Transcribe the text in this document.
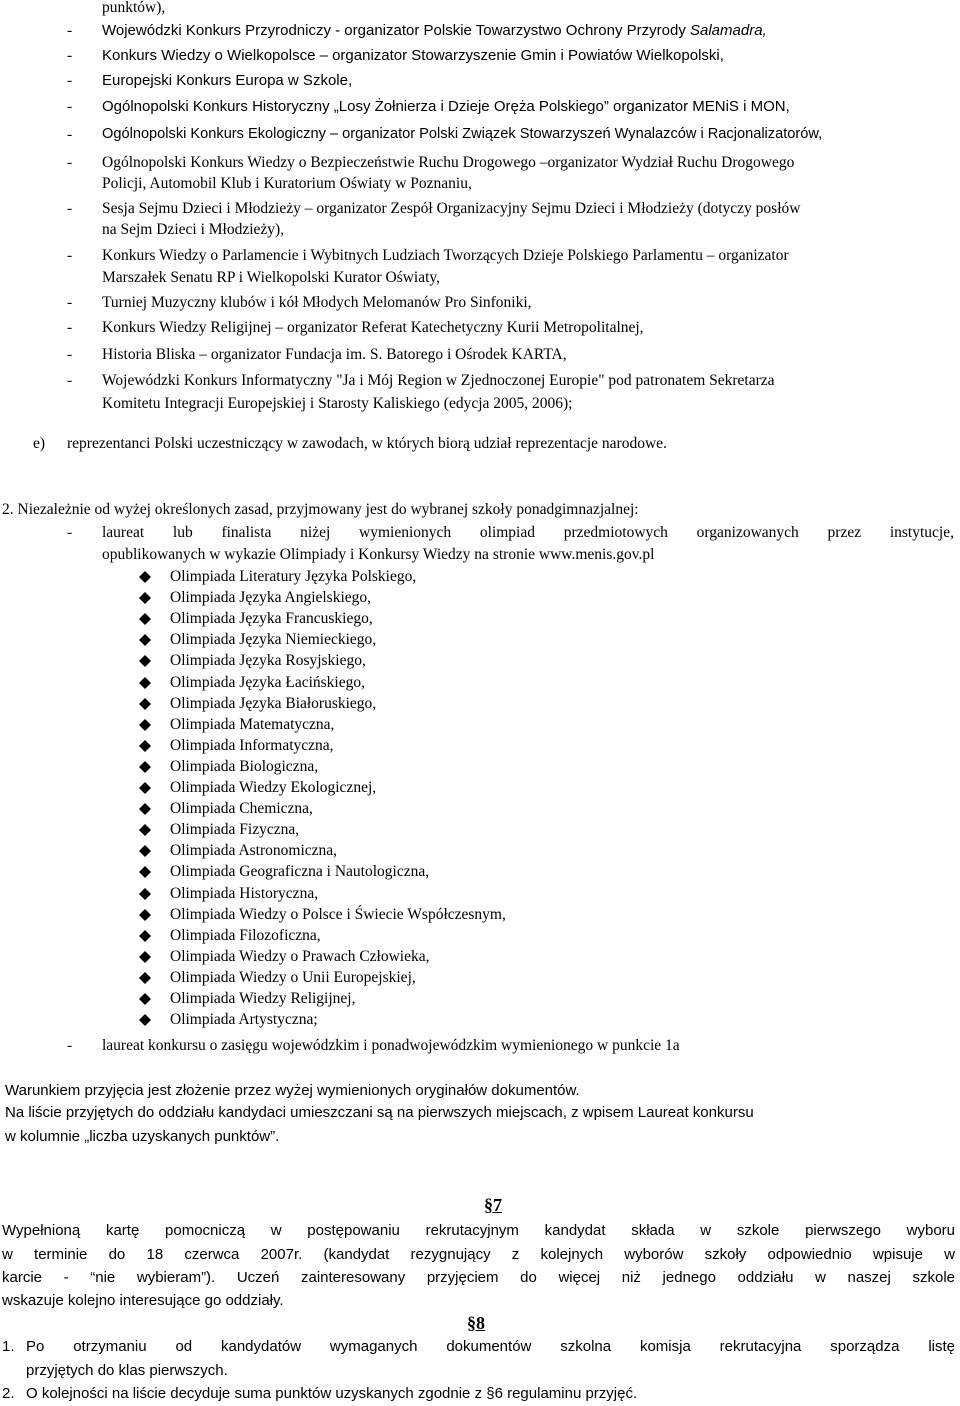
punktów),
-	Wojewódzki Konkurs Przyrodniczy - organizator Polskie Towarzystwo Ochrony Przyrody Salamadra,
-	Konkurs Wiedzy o Wielkopolsce – organizator Stowarzyszenie Gmin i Powiatów Wielkopolski,
-	Europejski Konkurs Europa w Szkole,
-	Ogólnopolski Konkurs Historyczny „Losy Żołnierza i Dzieje Oręża Polskiego” organizator MENiS i MON,
-	Ogólnopolski Konkurs Ekologiczny – organizator Polski Związek Stowarzyszeń Wynalazców i Racjonalizatorów,
-	Ogólnopolski Konkurs Wiedzy o Bezpieczeństwie Ruchu Drogowego –organizator Wydział Ruchu Drogowego
Policji, Automobil Klub i Kuratorium Oświaty w Poznaniu,
-	Sesja Sejmu Dzieci i Młodzieży – organizator Zespół Organizacyjny Sejmu Dzieci i Młodzieży (dotyczy posłów
na Sejm Dzieci i Młodzieży),
-	Konkurs Wiedzy o Parlamencie i Wybitnych Ludziach Tworzących Dzieje Polskiego Parlamentu – organizator
Marszałek Senatu RP i Wielkopolski Kurator Oświaty,
-	Turniej Muzyczny klubów i kół Młodych Melomanów Pro Sinfoniki,
-	Konkurs Wiedzy Religijnej – organizator Referat Katechetyczny Kurii Metropolitalnej,
-	Historia Bliska – organizator Fundacja im. S. Batorego i Ośrodek KARTA,
-	Wojewódzki Konkurs Informatyczny "Ja i Mój Region w Zjednoczonej Europie" pod patronatem Sekretarza
Komitetu Integracji Europejskiej i Starosty Kaliskiego (edycja 2005, 2006);
e) reprezentanci Polski uczestniczący w zawodach, w których biorą udział reprezentacje narodowe.
2. Niezależnie od wyżej określonych zasad, przyjmowany jest do wybranej szkoły ponadgimnazjalnej:
-	laureat lub finalista niżej wymienionych olimpiad przedmiotowych organizowanych przez instytucje,
opublikowanych w wykazie Olimpiady i Konkursy Wiedzy na stronie www.menis.gov.pl
Olimpiada Literatury Języka Polskiego,
Olimpiada Języka Angielskiego,
Olimpiada Języka Francuskiego,
Olimpiada Języka Niemieckiego,
Olimpiada Języka Rosyjskiego,
Olimpiada Języka Łacińskiego,
Olimpiada Języka Białoruskiego,
Olimpiada Matematyczna,
Olimpiada Informatyczna,
Olimpiada Biologiczna,
Olimpiada Wiedzy Ekologicznej,
Olimpiada Chemiczna,
Olimpiada Fizyczna,
Olimpiada Astronomiczna,
Olimpiada Geograficzna i Nautologiczna,
Olimpiada Historyczna,
Olimpiada Wiedzy o Polsce i Świecie Współczesnym,
Olimpiada Filozoficzna,
Olimpiada Wiedzy o Prawach Człowieka,
Olimpiada Wiedzy o Unii Europejskiej,
Olimpiada Wiedzy Religijnej,
Olimpiada Artystyczna;
-	laureat konkursu o zasięgu wojewódzkim i ponadwojewódzkim wymienionego w punkcie 1a
Warunkiem przyjęcia jest złożenie przez wyżej wymienionych oryginałów dokumentów.
Na liście przyjętych do oddziału kandydaci umieszczani są na pierwszych miejscach, z wpisem Laureat konkursu
w kolumnie „liczba uzyskanych punktów”.
§7
Wypełnioną kartę pomocniczą w postępowaniu rekrutacyjnym kandydat składa w szkole pierwszego wyboru
w terminie do 18 czerwca 2007r. (kandydat rezygnujący z kolejnych wyborów szkoły odpowiednio wpisuje w
karcie - “nie wybieram”). Uczeń zainteresowany przyjęciem do więcej niż jednego oddziału w naszej szkole
wskazuje kolejno interesujące go oddziały.
§8
1. Po otrzymaniu od kandydatów wymaganych dokumentów szkolna komisja rekrutacyjna sporządza listę
przyjętych do klas pierwszych.
2. O kolejności na liście decyduje suma punktów uzyskanych zgodnie z §6 regulaminu przyjęć.
